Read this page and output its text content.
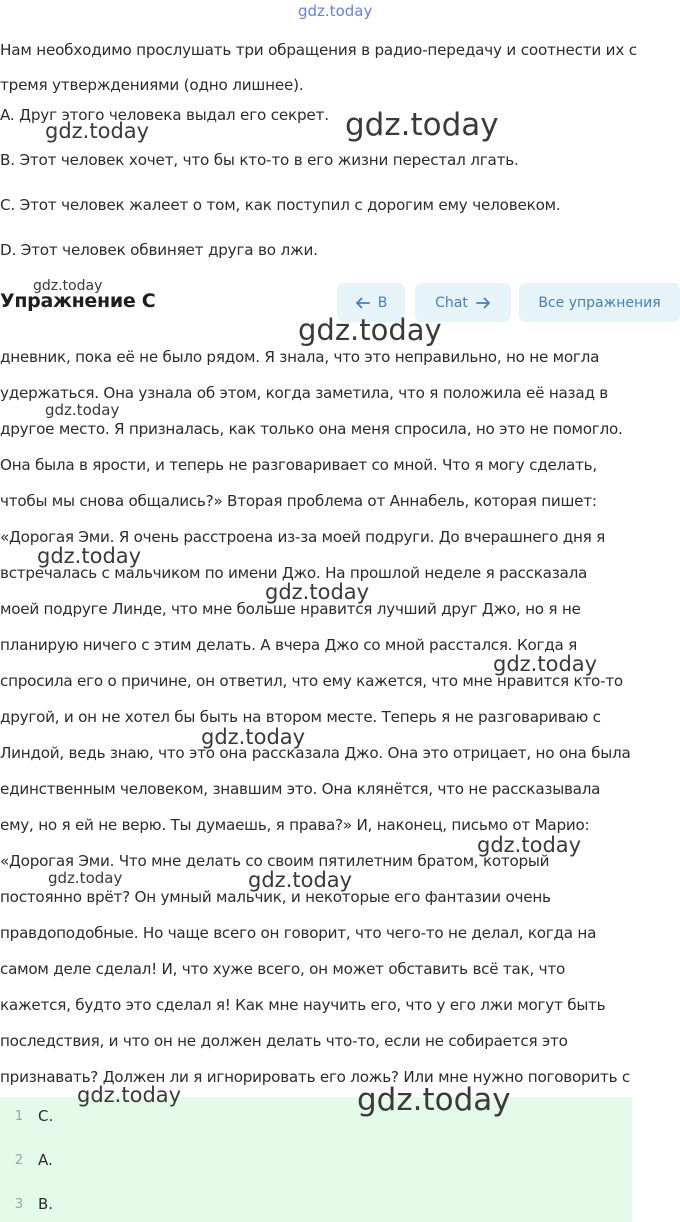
gdz.today
Нам необходимо прослушать три обращения в радио-передачу и соотнести их с тремя утверждениями (одно лишнее).
A. Друг этого человека выдал его секрет.
B. Этот человек хочет, что бы кто-то в его жизни перестал лгать.
C. Этот человек жалеет о том, как поступил с дорогим ему человеком.
D. Этот человек обвиняет друга во лжи.
Упражнение C	B	Chat	Все упражнения
дневник, пока её не было рядом. Я знала, что это неправильно, но не могла
удержаться. Она узнала об этом, когда заметила, что я положила её назад в
другое место. Я призналась, как только она меня спросила, но это не помогло.
Она была в ярости, и теперь не разговаривает со мной. Что я могу сделать,
чтобы мы снова общались?» Вторая проблема от Аннабель, которая пишет:
«Дорогая Эми. Я очень расстроена из-за моей подруги. До вчерашнего дня я
встречалась с мальчиком по имени Джо. На прошлой неделе я рассказала
моей подруге Линде, что мне больше нравится лучший друг Джо, но я не
планирую ничего с этим делать. А вчера Джо со мной расстался. Когда я
спросила его о причине, он ответил, что ему кажется, что мне нравится кто-то
другой, и он не хотел бы быть на втором месте. Теперь я не разговариваю с
Линдой, ведь знаю, что это она рассказала Джо. Она это отрицает, но она была
единственным человеком, знавшим это. Она клянётся, что не рассказывала
ему, но я ей не верю. Ты думаешь, я права?» И, наконец, письмо от Марио:
«Дорогая Эми. Что мне делать со своим пятилетним братом, который
постоянно врёт? Он умный мальчик, и некоторые его фантазии очень
правдоподобные. Но чаще всего он говорит, что чего-то не делал, когда на
самом деле сделал! И, что хуже всего, он может обставить всё так, что
кажется, будто это сделал я! Как мне научить его, что у его лжи могут быть
последствия, и что он не должен делать что-то, если не собирается это
признавать? Должен ли я игнорировать его ложь? Или мне нужно поговорить с
1 C.
2 A.
3 B.
gdz.today	gdz.today
gdz.today
gdz.today
gdz.today
gdz.today
gdz.today
gdz.today
gdz.today
gdz.today
gdz.today	gdz.today
gdz.today	gdz.today
